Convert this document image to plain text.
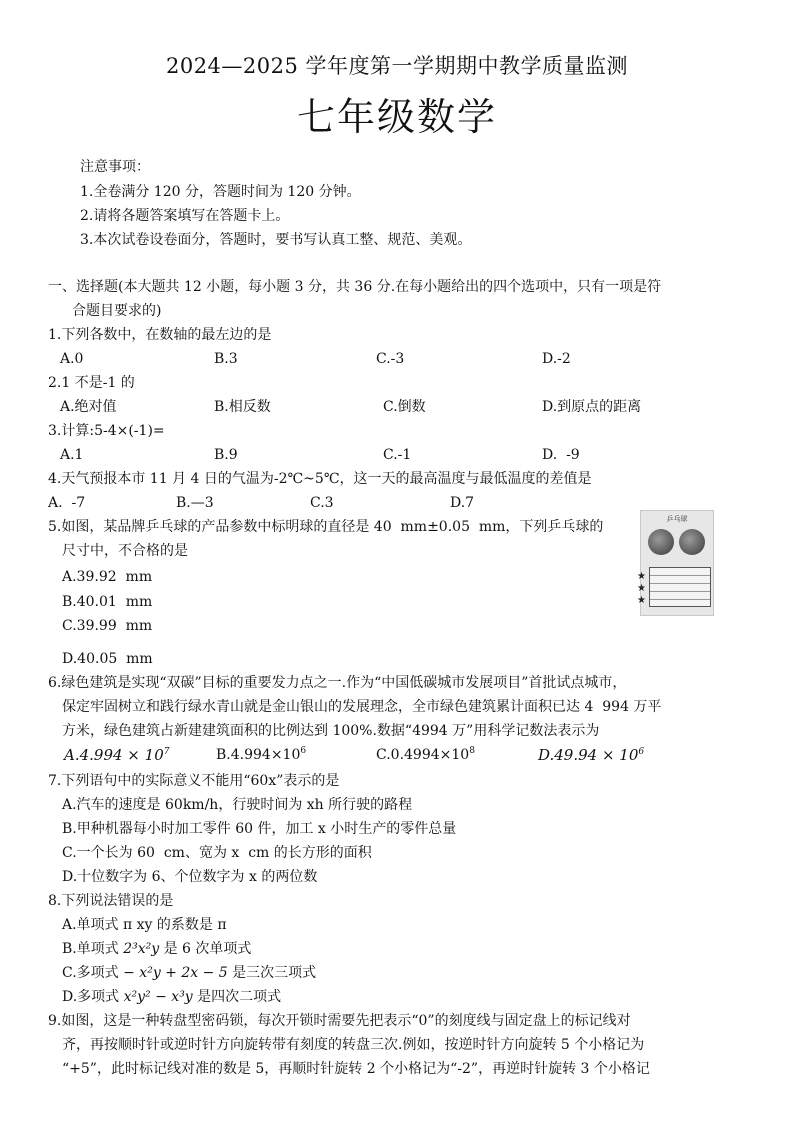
2024—2025 学年度第一学期期中教学质量监测
七年级数学
注意事项：
1.全卷满分 120 分，答题时间为 120 分钟。
2.请将各题答案填写在答题卡上。
3.本次试卷设卷面分，答题时，要书写认真工整、规范、美观。
一、选择题(本大题共 12 小题，每小题 3 分，共 36 分.在每小题给出的四个选项中，只有一项是符
合题目要求的)
1.下列各数中，在数轴的最左边的是
A.0	B.3	C.-3	D.-2
2.1 不是-1 的
A.绝对值	B.相反数	C.倒数	D.到原点的距离
3.计算:5-4×(-1)=
A.1	B.9	C.-1	D.  -9
4.天气预报本市 11 月 4 日的气温为-2℃~5℃，这一天的最高温度与最低温度的差值是
A.  -7	B.—3	C.3	D.7
5.如图，某品牌乒乓球的产品参数中标明球的直径是 40  mm±0.05  mm，下列乒乓球的
尺寸中，不合格的是
A.39.92  mm
B.40.01  mm
C.39.99  mm
D.40.05  mm
乒乓球
★
★
★
6.绿色建筑是实现“双碳”目标的重要发力点之一.作为“中国低碳城市发展项目”首批试点城市，
保定牢固树立和践行绿水青山就是金山银山的发展理念，全市绿色建筑累计面积已达 4  994 万平
方米，绿色建筑占新建建筑面积的比例达到 100%.数据“4994 万”用科学记数法表示为
$A.4.994 \times 10^7$	$B.4.994\times 10^6$	$C.0.4994\times 10^8$	$D.49.94 \times 10^6$
7.下列语句中的实际意义不能用“60x”表示的是
A.汽车的速度是 60km/h，行驶时间为 xh 所行驶的路程
B.甲种机器每小时加工零件 60 件，加工 x 小时生产的零件总量
C.一个长为 60  cm、宽为 x  cm 的长方形的面积
D.十位数字为 6、个位数字为 x 的两位数
8.下列说法错误的是
A.单项式 π xy 的系数是 π
B.单项式 2³x²y 是 6 次单项式
C.多项式 − x²y + 2x − 5 是三次三项式
D.多项式 x²y² − x³y 是四次二项式
9.如图，这是一种转盘型密码锁，每次开锁时需要先把表示“0”的刻度线与固定盘上的标记线对
齐，再按顺时针或逆时针方向旋转带有刻度的转盘三次.例如，按逆时针方向旋转 5 个小格记为
“+5”，此时标记线对准的数是 5，再顺时针旋转 2 个小格记为“-2”，再逆时针旋转 3 个小格记
